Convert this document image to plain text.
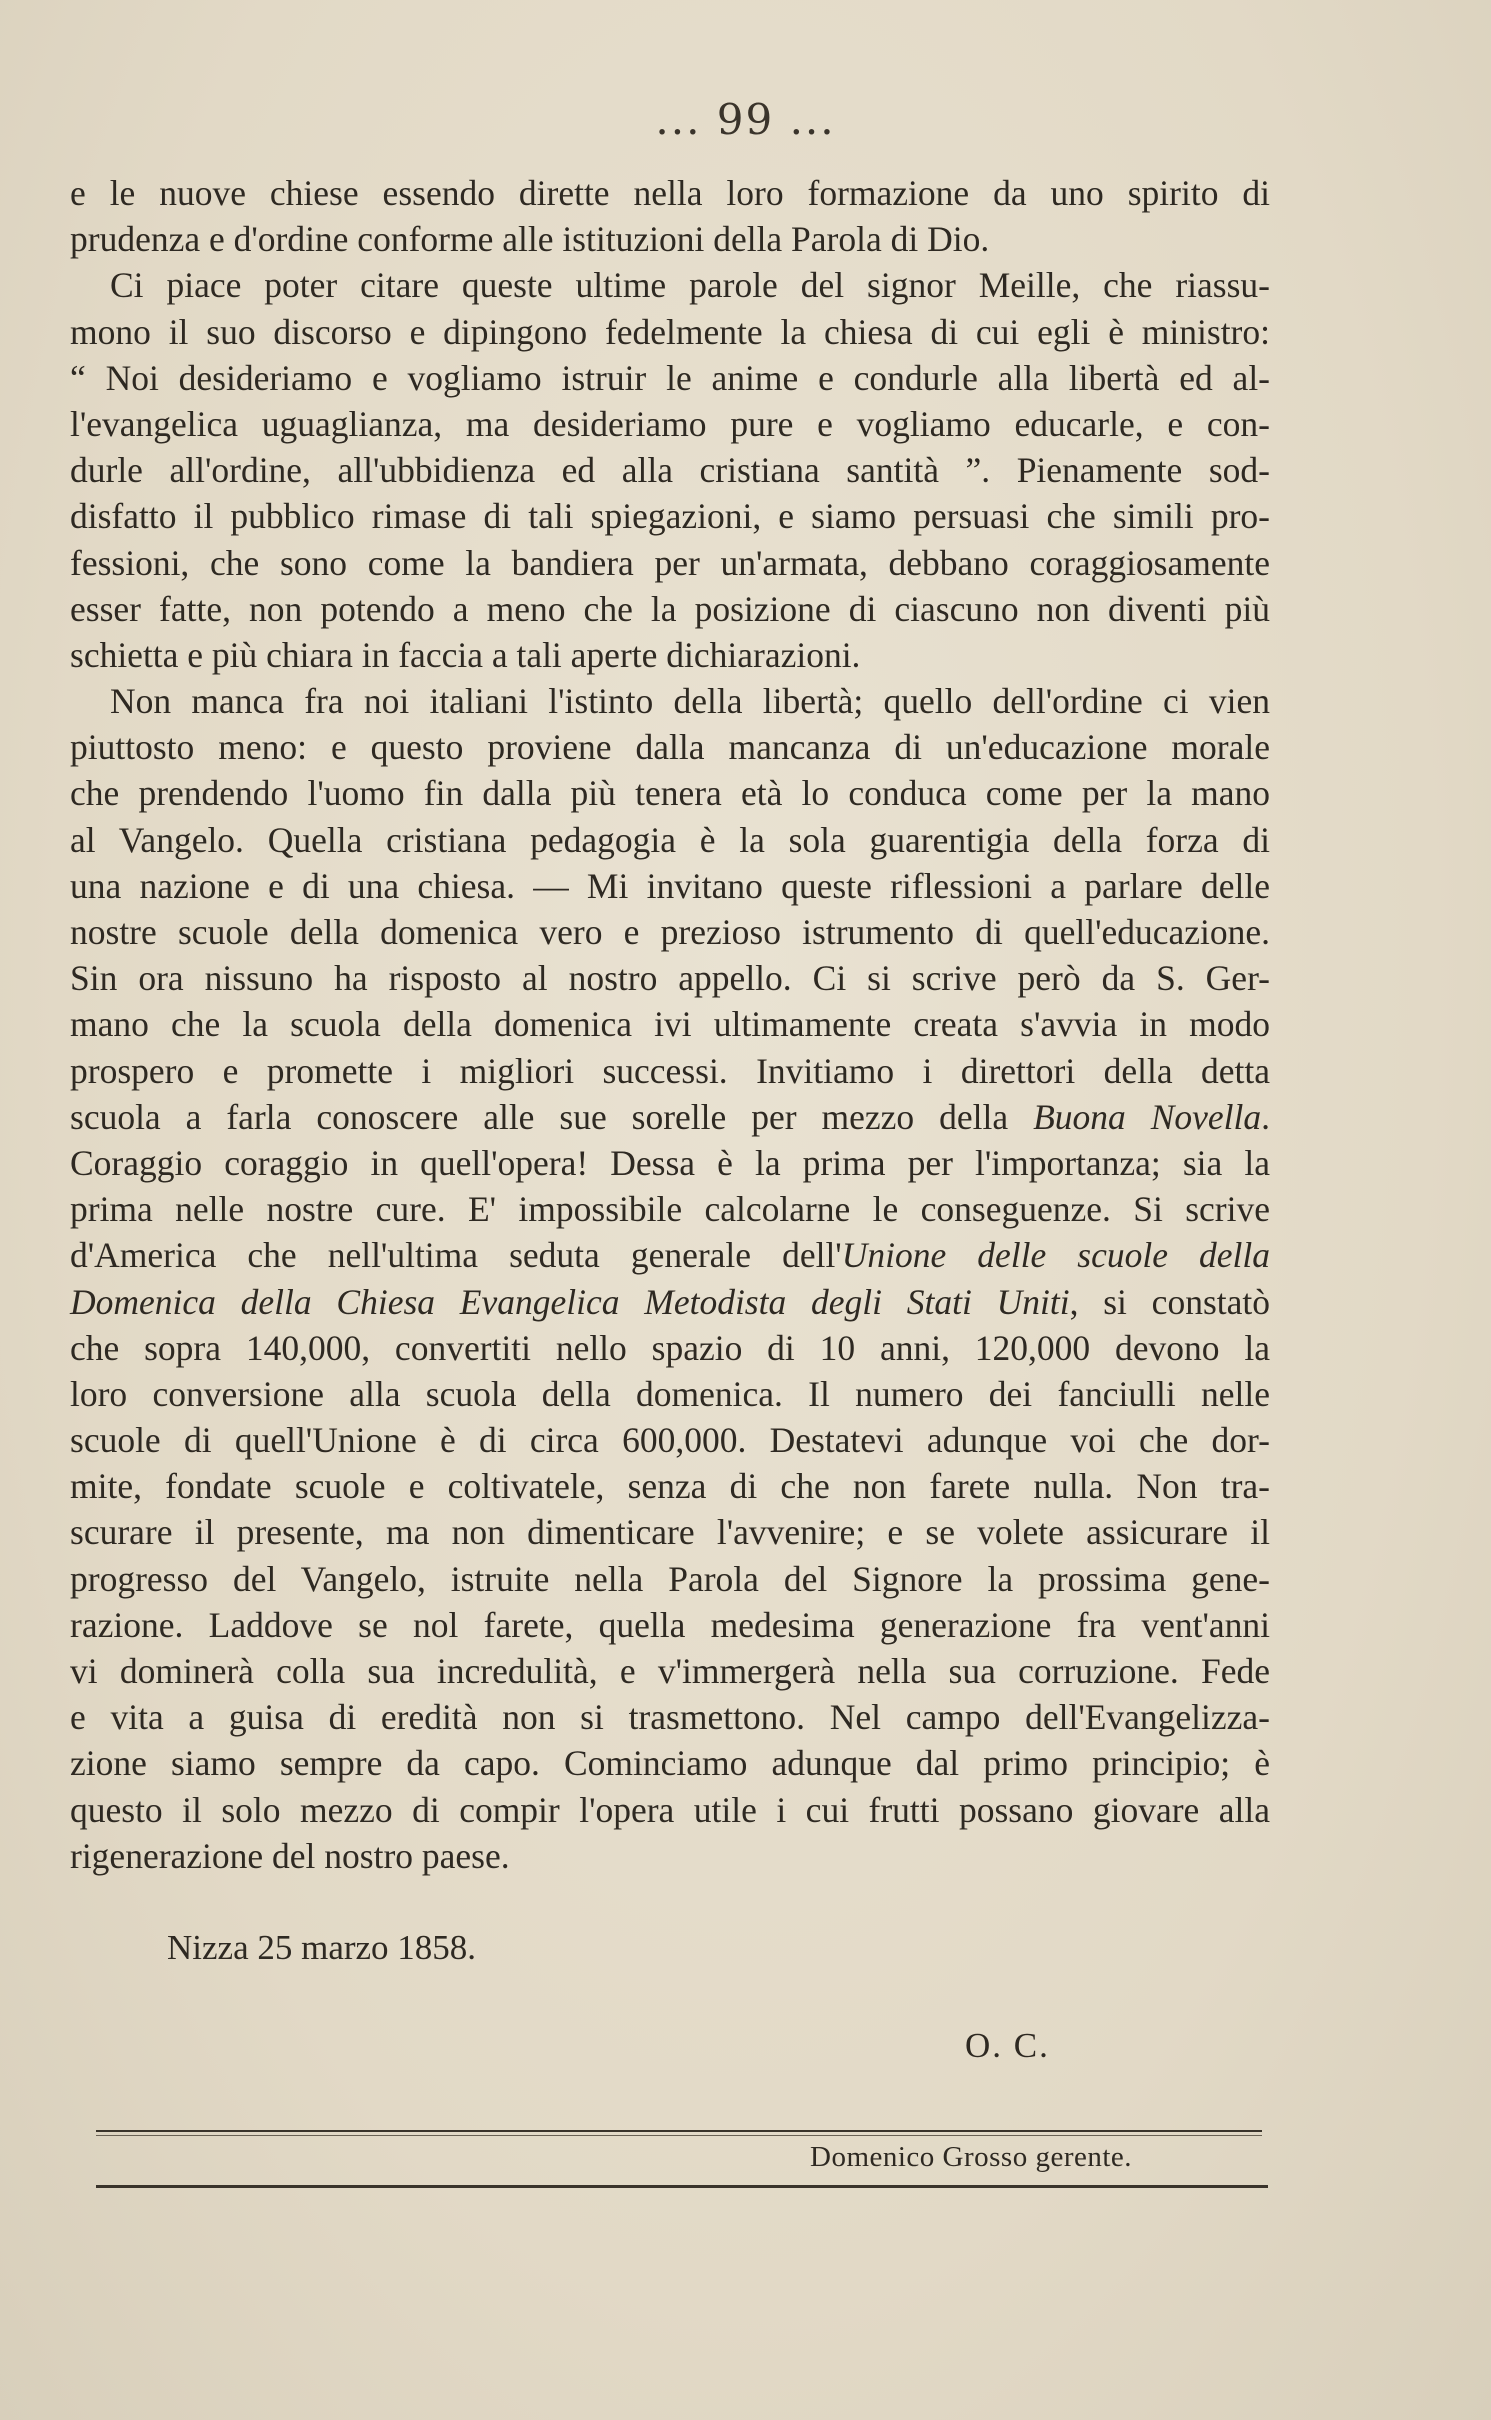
... 99 ...
e le nuove chiese essendo dirette nella loro formazione da uno spirito di
prudenza e d'ordine conforme alle istituzioni della Parola di Dio.
Ci piace poter citare queste ultime parole del signor Meille, che riassu-
mono il suo discorso e dipingono fedelmente la chiesa di cui egli è ministro:
“ Noi desideriamo e vogliamo istruir le anime e condurle alla libertà ed al-
l'evangelica uguaglianza, ma desideriamo pure e vogliamo educarle, e con-
durle all'ordine, all'ubbidienza ed alla cristiana santità ”. Pienamente sod-
disfatto il pubblico rimase di tali spiegazioni, e siamo persuasi che simili pro-
fessioni, che sono come la bandiera per un'armata, debbano coraggiosamente
esser fatte, non potendo a meno che la posizione di ciascuno non diventi più
schietta e più chiara in faccia a tali aperte dichiarazioni.
Non manca fra noi italiani l'istinto della libertà; quello dell'ordine ci vien
piuttosto meno: e questo proviene dalla mancanza di un'educazione morale
che prendendo l'uomo fin dalla più tenera età lo conduca come per la mano
al Vangelo. Quella cristiana pedagogia è la sola guarentigia della forza di
una nazione e di una chiesa. — Mi invitano queste riflessioni a parlare delle
nostre scuole della domenica vero e prezioso istrumento di quell'educazione.
Sin ora nissuno ha risposto al nostro appello. Ci si scrive però da S. Ger-
mano che la scuola della domenica ivi ultimamente creata s'avvia in modo
prospero e promette i migliori successi. Invitiamo i direttori della detta
scuola a farla conoscere alle sue sorelle per mezzo della Buona Novella.
Coraggio coraggio in quell'opera! Dessa è la prima per l'importanza; sia la
prima nelle nostre cure. E' impossibile calcolarne le conseguenze. Si scrive
d'America che nell'ultima seduta generale dell'Unione delle scuole della
Domenica della Chiesa Evangelica Metodista degli Stati Uniti, si constatò
che sopra 140,000, convertiti nello spazio di 10 anni, 120,000 devono la
loro conversione alla scuola della domenica. Il numero dei fanciulli nelle
scuole di quell'Unione è di circa 600,000. Destatevi adunque voi che dor-
mite, fondate scuole e coltivatele, senza di che non farete nulla. Non tra-
scurare il presente, ma non dimenticare l'avvenire; e se volete assicurare il
progresso del Vangelo, istruite nella Parola del Signore la prossima gene-
razione. Laddove se nol farete, quella medesima generazione fra vent'anni
vi dominerà colla sua incredulità, e v'immergerà nella sua corruzione. Fede
e vita a guisa di eredità non si trasmettono. Nel campo dell'Evangelizza-
zione siamo sempre da capo. Cominciamo adunque dal primo principio; è
questo il solo mezzo di compir l'opera utile i cui frutti possano giovare alla
rigenerazione del nostro paese.
Nizza 25 marzo 1858.
O. C.
Domenico Grosso gerente.
